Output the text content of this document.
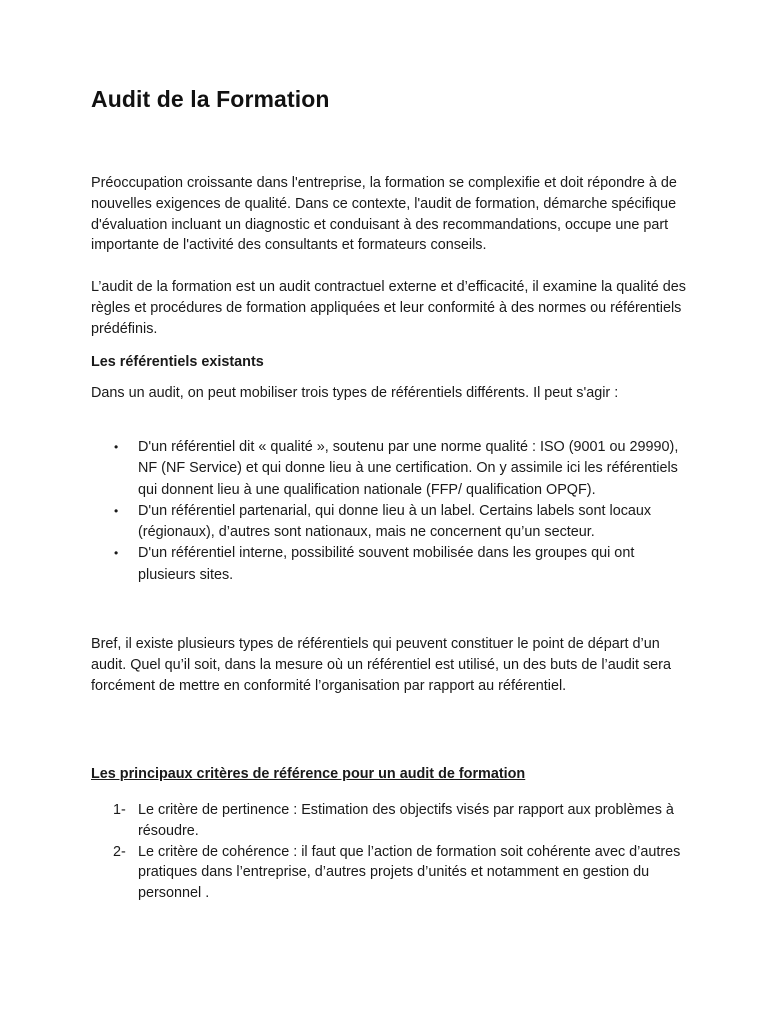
Audit de la Formation

Préoccupation croissante dans l'entreprise, la formation se complexifie et doit répondre à de nouvelles exigences de qualité. Dans ce contexte, l'audit de formation, démarche spécifique d'évaluation incluant un diagnostic et conduisant à des recommandations, occupe une part importante de l'activité des consultants et formateurs conseils.

L’audit de la formation est un audit contractuel externe et d’efficacité, il examine la qualité des règles et procédures de formation appliquées et leur conformité à des normes ou référentiels prédéfinis.

Les référentiels existants

Dans un audit, on peut mobiliser trois types de référentiels différents. Il peut s'agir :

• D'un référentiel dit « qualité », soutenu par une norme qualité : ISO (9001 ou 29990), NF (NF Service) et qui donne lieu à une certification. On y assimile ici les référentiels qui donnent lieu à une qualification nationale (FFP/ qualification OPQF).
• D'un référentiel partenarial, qui donne lieu à un label. Certains labels sont locaux (régionaux), d’autres sont nationaux, mais ne concernent qu’un secteur.
• D'un référentiel interne, possibilité souvent mobilisée dans les groupes qui ont plusieurs sites.

Bref, il existe plusieurs types de référentiels qui peuvent constituer le point de départ d’un audit. Quel qu’il soit, dans la mesure où un référentiel est utilisé, un des buts de l’audit sera forcément de mettre en conformité l’organisation par rapport au référentiel.

Les principaux critères de référence pour un audit de formation
1- Le critère de pertinence : Estimation des objectifs visés par rapport aux problèmes à résoudre.
2- Le critère de cohérence : il faut que l’action de formation soit cohérente avec d’autres pratiques dans l’entreprise, d’autres projets d’unités et notamment en gestion du personnel .
